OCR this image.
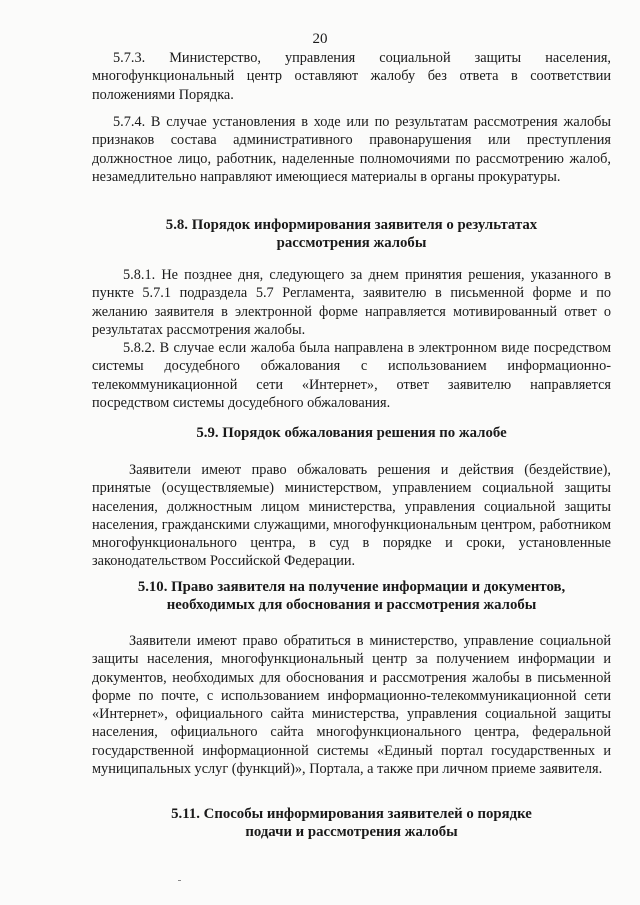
20

5.7.3. Министерство, управления социальной защиты населения, многофункциональный центр оставляют жалобу без ответа в соответствии положениями Порядка.

5.7.4. В случае установления в ходе или по результатам рассмотрения жалобы признаков состава административного правонарушения или преступления должностное лицо, работник, наделенные полномочиями по рассмотрению жалоб, незамедлительно направляют имеющиеся материалы в органы прокуратуры.

5.8. Порядок информирования заявителя о результатах
рассмотрения жалобы

5.8.1. Не позднее дня, следующего за днем принятия решения, указанного в пункте 5.7.1 подраздела 5.7 Регламента, заявителю в письменной форме и по желанию заявителя в электронной форме направляется мотивированный ответ о результатах рассмотрения жалобы.

5.8.2. В случае если жалоба была направлена в электронном виде посредством системы досудебного обжалования с использованием информационно-телекоммуникационной сети «Интернет», ответ заявителю направляется посредством системы досудебного обжалования.

5.9. Порядок обжалования решения по жалобе

Заявители имеют право обжаловать решения и действия (бездействие), принятые (осуществляемые) министерством, управлением социальной защиты населения, должностным лицом министерства, управления социальной защиты населения, гражданскими служащими, многофункциональным центром, работником многофункционального центра, в суд в порядке и сроки, установленные законодательством Российской Федерации.

5.10. Право заявителя на получение информации и документов,
необходимых для обоснования и рассмотрения жалобы

Заявители имеют право обратиться в министерство, управление социальной защиты населения, многофункциональный центр за получением информации и документов, необходимых для обоснования и рассмотрения жалобы в письменной форме по почте, с использованием информационно-телекоммуникационной сети «Интернет», официального сайта министерства, управления социальной защиты населения, официального сайта многофункционального центра, федеральной государственной информационной системы «Единый портал государственных и муниципальных услуг (функций)», Портала, а также при личном приеме заявителя.

5.11. Способы информирования заявителей о порядке
подачи и рассмотрения жалобы
